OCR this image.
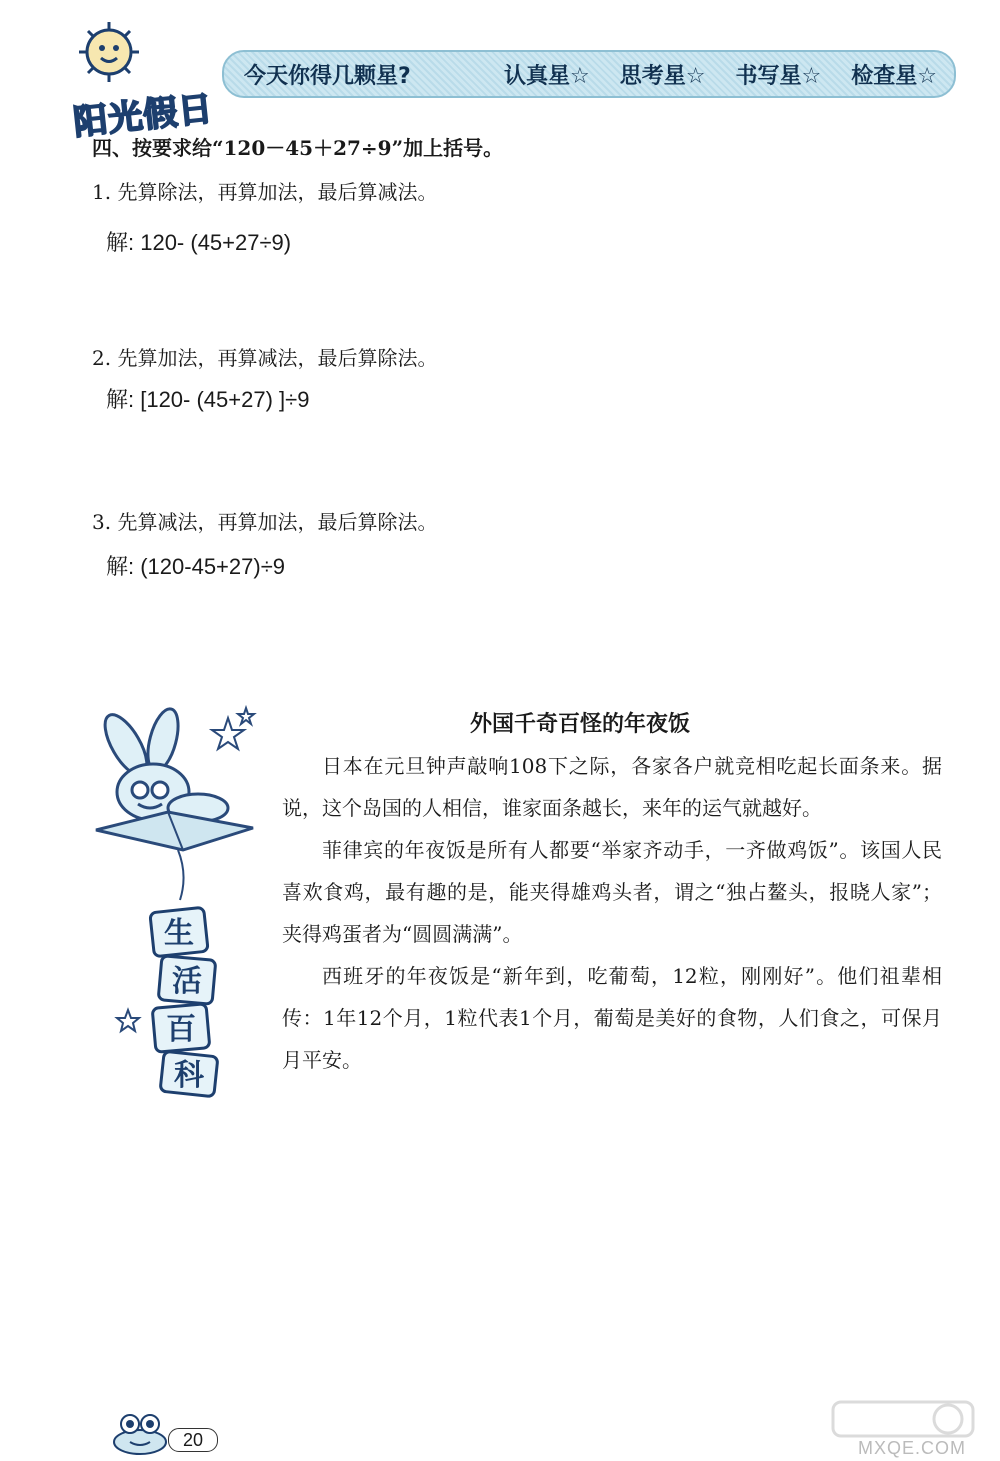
阳光假日
今天你得几颗星?	认真星☆ 思考星☆ 书写星☆ 检查星☆
四、按要求给“120－45＋27÷9”加上括号。
1. 先算除法，再算加法，最后算减法。
解: 120- (45+27÷9)
2. 先算加法，再算减法，最后算除法。
解: [120- (45+27) ]÷9
3. 先算减法，再算加法，最后算除法。
解: (120-45+27)÷9
生
活
百
科
外国千奇百怪的年夜饭

日本在元旦钟声敲响108下之际，各家各户就竞相吃起长面条来。据说，这个岛国的人相信，谁家面条越长，来年的运气就越好。

菲律宾的年夜饭是所有人都要“举家齐动手，一齐做鸡饭”。该国人民喜欢食鸡，最有趣的是，能夹得雄鸡头者，谓之“独占鳌头，报晓人家”；夹得鸡蛋者为“圆圆满满”。

西班牙的年夜饭是“新年到，吃葡萄，12粒，刚刚好”。他们祖辈相传：1年12个月，1粒代表1个月，葡萄是美好的食物，人们食之，可保月月平安。

20	MXQE.COM
